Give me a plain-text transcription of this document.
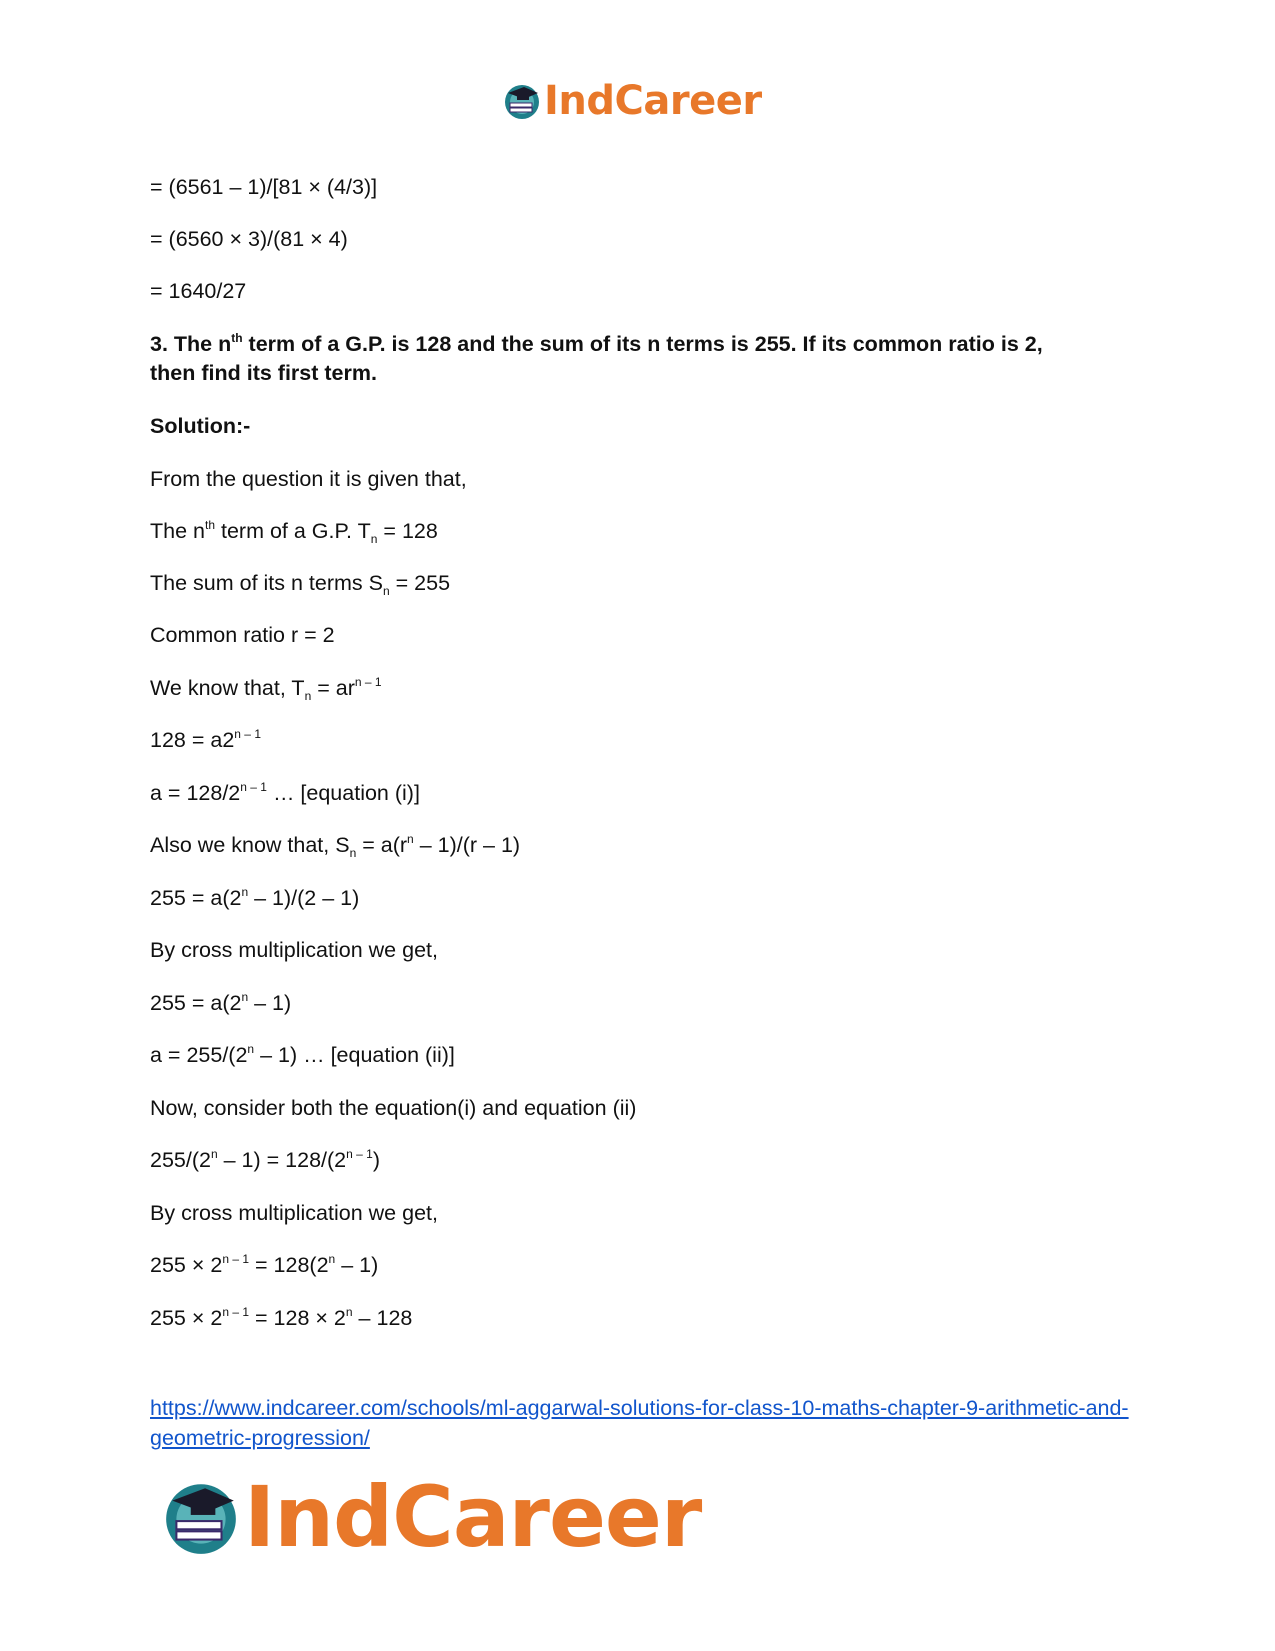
IndCareer
= (6561 – 1)/[81 × (4/3)]
= (6560 × 3)/(81 × 4)
= 1640/27
3. The $n^{th}$ term of a G.P. is 128 and the sum of its n terms is 255. If its common ratio is 2,
then find its first term.
Solution:-
From the question it is given that,
The $n^{th}$ term of a G.P. $T_n = 128$
The sum of its n terms $S_n = 255$
Common ratio r = 2
We know that, $T_n = ar^{n - 1}$
$128 = a2^{n - 1}$
$a = 128/2^{n - 1}$ … [equation (i)]
Also we know that, $S_n = a(r^n - 1)/(r - 1)$
$255 = a(2^n - 1)/(2 - 1)$
By cross multiplication we get,
$255 = a(2^n - 1)$
$a = 255/(2^n - 1)$ … [equation (ii)]
Now, consider both the equation(i) and equation (ii)
$255/(2^n - 1) = 128/(2^{n - 1})$
By cross multiplication we get,
$255 \times 2^{n - 1} = 128(2^n - 1)$
$255 \times 2^{n - 1} = 128 \times 2^n - 128$
https://www.indcareer.com/schools/ml-aggarwal-solutions-for-class-10-maths-chapter-9-arithmetic-and-geometric-progression/
IndCareer
